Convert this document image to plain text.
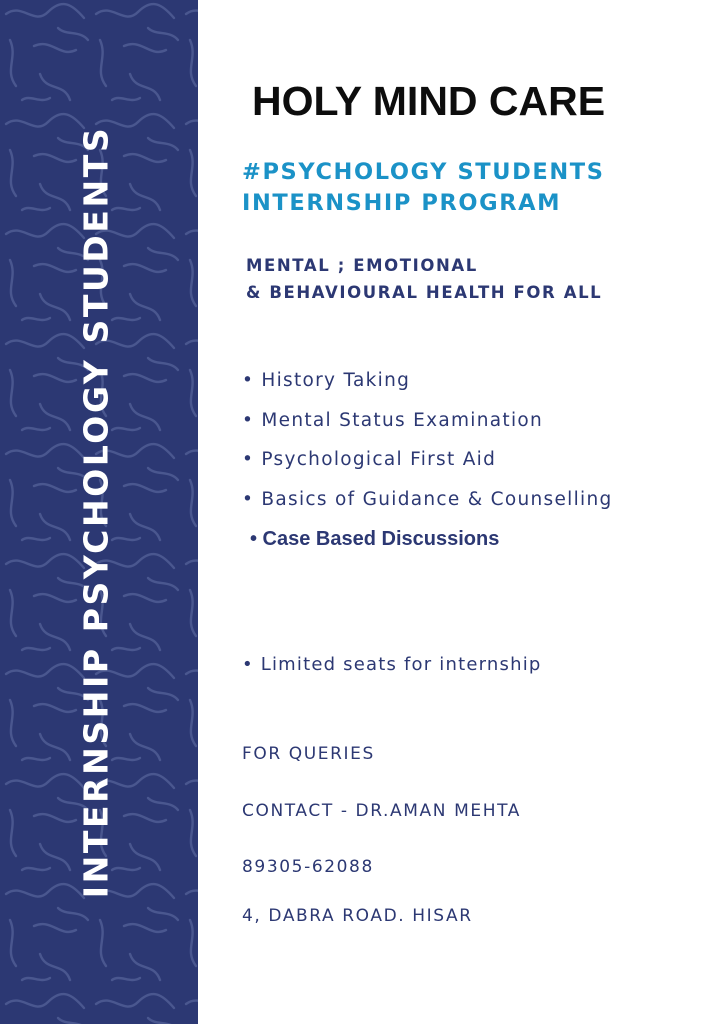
INTERNSHIP PSYCHOLOGY STUDENTS
HOLY MIND CARE
#PSYCHOLOGY STUDENTS
INTERNSHIP PROGRAM
MENTAL ; EMOTIONAL
& BEHAVIOURAL HEALTH FOR ALL
• History Taking
• Mental Status Examination
• Psychological First Aid
• Basics of Guidance & Counselling
• Case Based Discussions
• Limited seats for internship
FOR QUERIES
CONTACT - DR.AMAN MEHTA
89305-62088
4, DABRA ROAD. HISAR
